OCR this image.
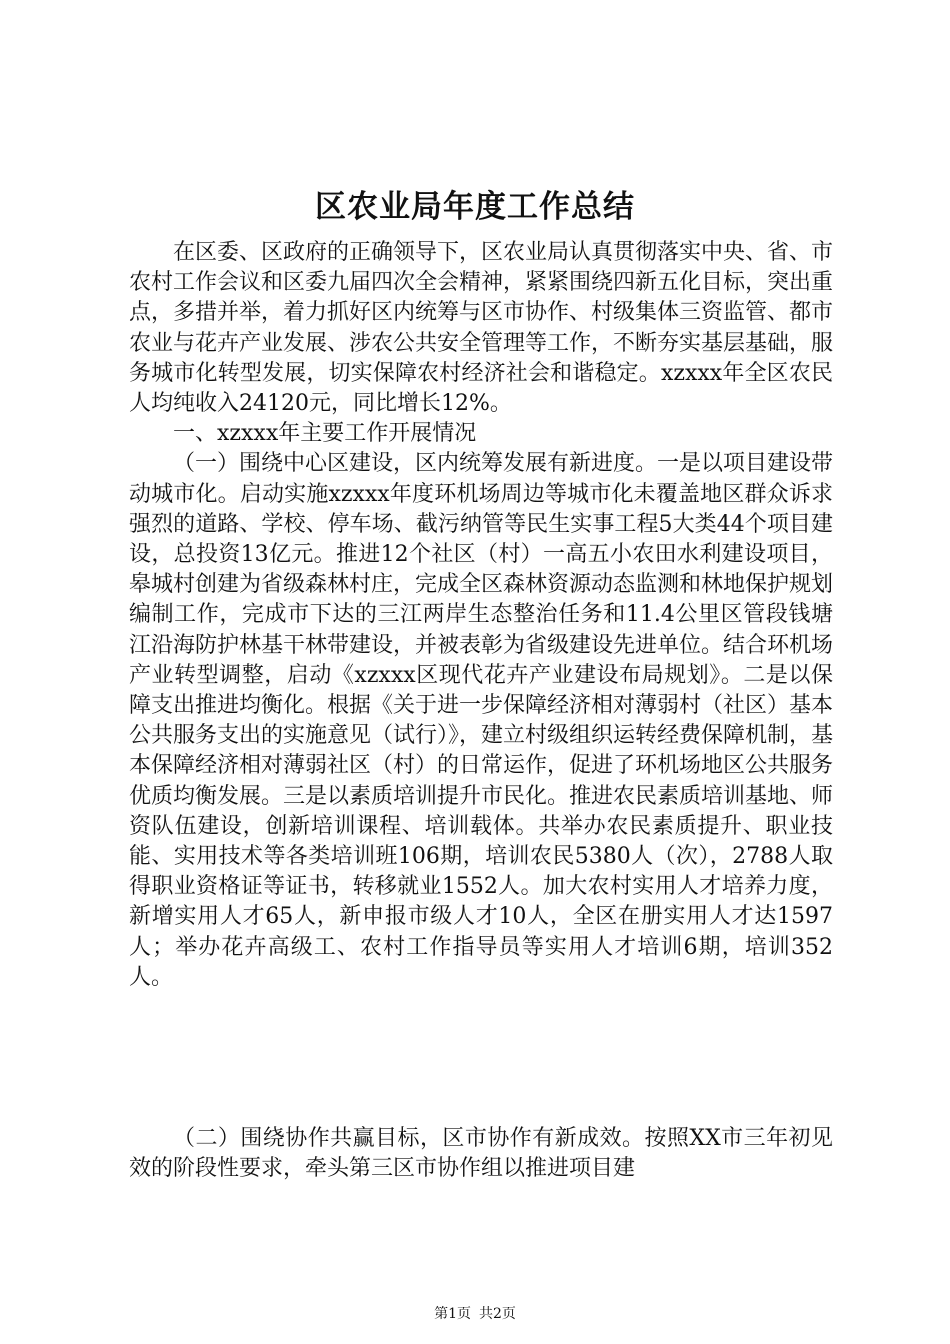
区农业局年度工作总结

在区委、区政府的正确领导下，区农业局认真贯彻落实中央、省、市农村工作会议和区委九届四次全会精神，紧紧围绕四新五化目标，突出重点，多措并举，着力抓好区内统筹与区市协作、村级集体三资监管、都市农业与花卉产业发展、涉农公共安全管理等工作，不断夯实基层基础，服务城市化转型发展，切实保障农村经济社会和谐稳定。xzxxx年全区农民人均纯收入24120元，同比增长12%。

一、xzxxx年主要工作开展情况

（一）围绕中心区建设，区内统筹发展有新进度。一是以项目建设带动城市化。启动实施xzxxx年度环机场周边等城市化未覆盖地区群众诉求强烈的道路、学校、停车场、截污纳管等民生实事工程5大类44个项目建设，总投资13亿元。推进12个社区（村）一高五小农田水利建设项目，皋城村创建为省级森林村庄，完成全区森林资源动态监测和林地保护规划编制工作，完成市下达的三江两岸生态整治任务和11.4公里区管段钱塘江沿海防护林基干林带建设，并被表彰为省级建设先进单位。结合环机场产业转型调整，启动《xzxxx区现代花卉产业建设布局规划》。二是以保障支出推进均衡化。根据《关于进一步保障经济相对薄弱村（社区）基本公共服务支出的实施意见（试行）》，建立村级组织运转经费保障机制，基本保障经济相对薄弱社区（村）的日常运作，促进了环机场地区公共服务优质均衡发展。三是以素质培训提升市民化。推进农民素质培训基地、师资队伍建设，创新培训课程、培训载体。共举办农民素质提升、职业技能、实用技术等各类培训班106期，培训农民5380人（次），2788人取得职业资格证等证书，转移就业1552人。加大农村实用人才培养力度，新增实用人才65人，新申报市级人才10人，全区在册实用人才达1597人；举办花卉高级工、农村工作指导员等实用人才培训6期，培训352人。

（二）围绕协作共赢目标，区市协作有新成效。按照XX市三年初见效的阶段性要求，牵头第三区市协作组以推进项目建

第1页 共2页
